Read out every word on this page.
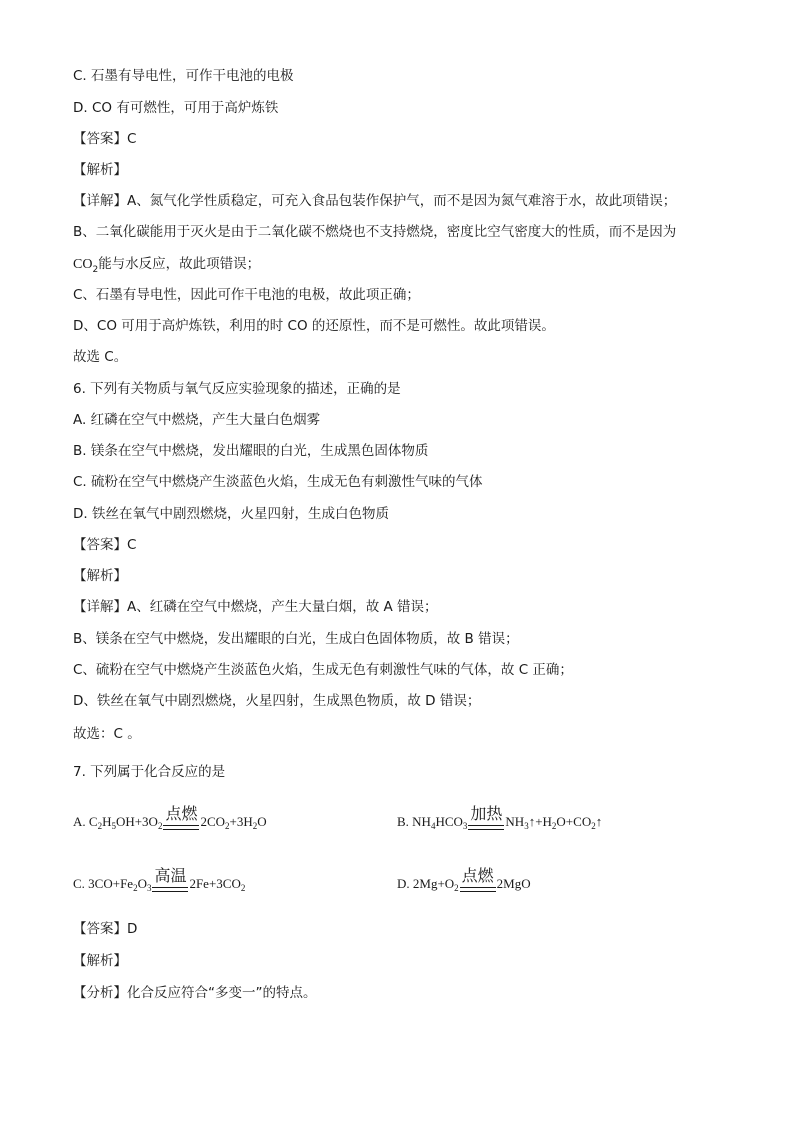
C. 石墨有导电性，可作干电池的电极
D. CO 有可燃性，可用于高炉炼铁
【答案】C
【解析】
【详解】A、氮气化学性质稳定，可充入食品包装作保护气，而不是因为氮气难溶于水，故此项错误；
B、二氧化碳能用于灭火是由于二氧化碳不燃烧也不支持燃烧，密度比空气密度大的性质，而不是因为
$CO_2$能与水反应，故此项错误；
C、石墨有导电性，因此可作干电池的电极，故此项正确；
D、CO 可用于高炉炼铁，利用的时 CO 的还原性，而不是可燃性。故此项错误。
故选 C。
6. 下列有关物质与氧气反应实验现象的描述，正确的是
A. 红磷在空气中燃烧，产生大量白色烟雾
B. 镁条在空气中燃烧，发出耀眼的白光，生成黑色固体物质
C. 硫粉在空气中燃烧产生淡蓝色火焰，生成无色有刺激性气味的气体
D. 铁丝在氧气中剧烈燃烧，火星四射，生成白色物质
【答案】C
【解析】
【详解】A、红磷在空气中燃烧，产生大量白烟，故 A 错误；
B、镁条在空气中燃烧，发出耀眼的白光，生成白色固体物质，故 B 错误；
C、硫粉在空气中燃烧产生淡蓝色火焰，生成无色有刺激性气味的气体，故 C 正确；
D、铁丝在氧气中剧烈燃烧，火星四射，生成黑色物质，故 D 错误；
故选：C 。
7. 下列属于化合反应的是
A. $C_2H_5OH+3O_2$
点燃 $2CO_2+3H_2O$	B. $NH_4HCO_3$
加热 $NH_3↑+H_2O+CO_2↑$
C. $3CO+Fe_2O_3$
高温 $2Fe+3CO_2$	D. $2Mg+O_2$
点燃 2MgO
【答案】D
【解析】
【分析】化合反应符合“多变一”的特点。
